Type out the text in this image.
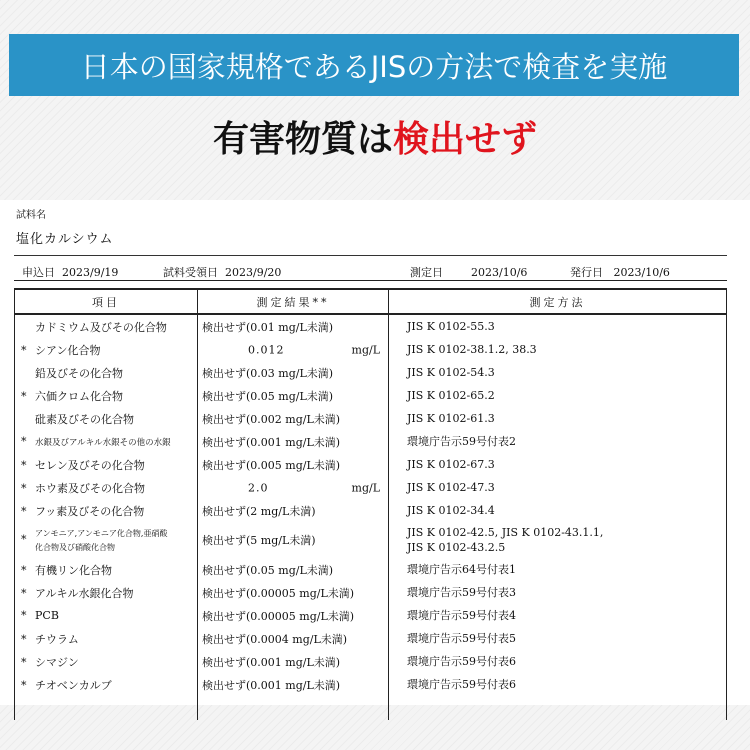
日本の国家規格であるJISの方法で検査を実施
有害物質は 検出せず
試料名
塩化カルシウム
申込日 2023/9/19	試料受領日 2023/9/20	測定日	2023/10/6	発行日 2023/10/6
項目	測定結果**	測定方法
カドミウム及びその化合物	検出せず(0.01 mg/L未満)	JIS K 0102-55.3
* シアン化合物	0.012 mg/L	JIS K 0102-38.1.2, 38.3
鉛及びその化合物	検出せず(0.03 mg/L未満)	JIS K 0102-54.3
* 六価クロム化合物	検出せず(0.05 mg/L未満)	JIS K 0102-65.2
砒素及びその化合物	検出せず(0.002 mg/L未満)	JIS K 0102-61.3
* 水銀及びアルキル水銀その他の水銀	検出せず(0.001 mg/L未満)	環境庁告示59号付表2
* セレン及びその化合物	検出せず(0.005 mg/L未満)	JIS K 0102-67.3
* ホウ素及びその化合物	2.0 mg/L	JIS K 0102-47.3
* フッ素及びその化合物	検出せず(2 mg/L未満)	JIS K 0102-34.4
* アンモニア,アンモニア化合物,亜硝酸
化合物及び硝酸化合物	検出せず(5 mg/L未満)	JIS K 0102-42.5, JIS K 0102-43.1.1,
JIS K 0102-43.2.5
* 有機リン化合物	検出せず(0.05 mg/L未満)	環境庁告示64号付表1
* アルキル水銀化合物	検出せず(0.00005 mg/L未満)	環境庁告示59号付表3
* PCB	検出せず(0.00005 mg/L未満)	環境庁告示59号付表4
* チウラム	検出せず(0.0004 mg/L未満)	環境庁告示59号付表5
* シマジン	検出せず(0.001 mg/L未満)	環境庁告示59号付表6
* チオベンカルブ	検出せず(0.001 mg/L未満)	環境庁告示59号付表6
